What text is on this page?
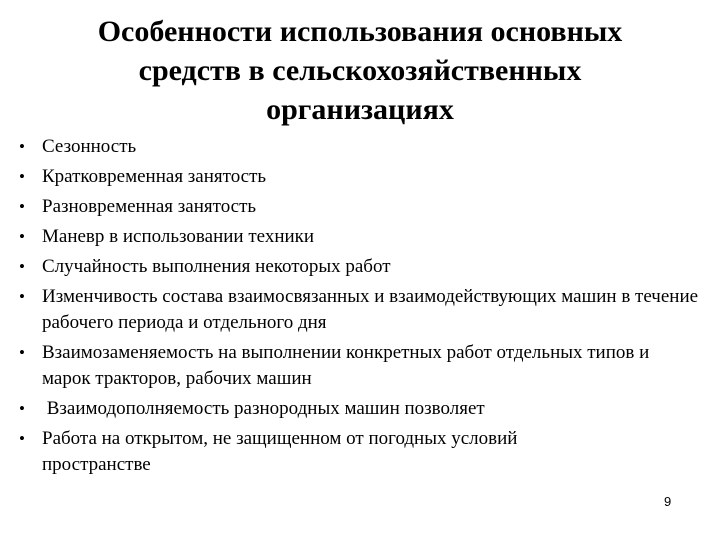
Особенности использования основных средств в сельскохозяйственных организациях
• Сезонность
• Кратковременная занятость
• Разновременная занятость
• Маневр в использовании техники
• Случайность выполнения некоторых работ
• Изменчивость состава взаимосвязанных и взаимодействующих машин в течение рабочего периода и отдельного дня
• Взаимозаменяемость на выполнении конкретных работ отдельных типов и марок тракторов, рабочих машин
• Взаимодополняемость разнородных машин позволяет
• Работа на открытом, не защищенном от погодных условий пространстве
9
